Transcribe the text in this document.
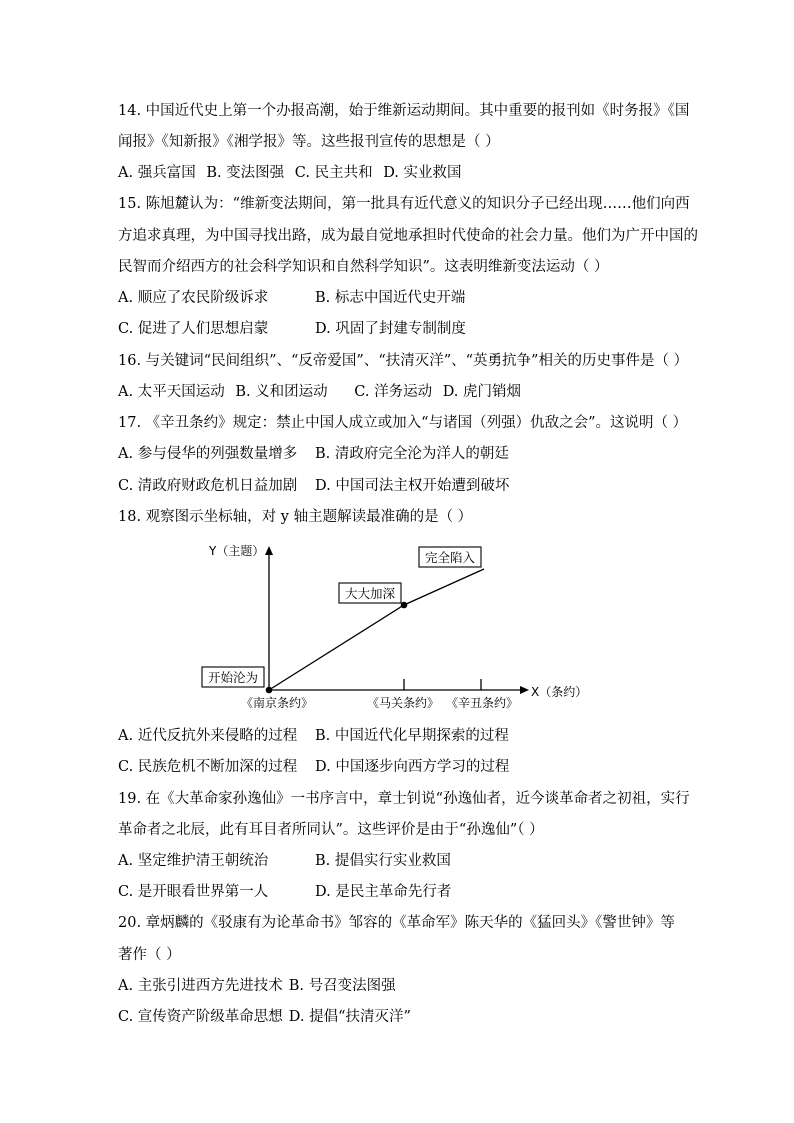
14. 中国近代史上第一个办报高潮，始于维新运动期间。其中重要的报刊如《时务报》《国
闻报》《知新报》《湘学报》等。这些报刊宣传的思想是（ ）
A. 强兵富国 B. 变法图强 C. 民主共和 D. 实业救国
15. 陈旭麓认为：“维新变法期间，第一批具有近代意义的知识分子已经出现……他们向西
方追求真理，为中国寻找出路，成为最自觉地承担时代使命的社会力量。他们为广开中国的
民智而介绍西方的社会科学知识和自然科学知识”。这表明维新变法运动（ ）
A. 顺应了农民阶级诉求	B. 标志中国近代史开端
C. 促进了人们思想启蒙	D. 巩固了封建专制制度
16. 与关键词“民间组织”、“反帝爱国”、“扶清灭洋”、“英勇抗争”相关的历史事件是（ ）
A. 太平天国运动 B. 义和团运动 C. 洋务运动 D. 虎门销烟
17. 《辛丑条约》规定：禁止中国人成立或加入“与诸国（列强）仇敌之会”。这说明（ ）
A. 参与侵华的列强数量增多 B. 清政府完全沦为洋人的朝廷
C. 清政府财政危机日益加剧 D. 中国司法主权开始遭到破坏
18. 观察图示坐标轴，对 y 轴主题解读最准确的是（ ）
Y（主题）
X（条约）
《南京条约》	《马关条约》 《辛丑条约》
开始沦为
大大加深
完全陷入
A. 近代反抗外来侵略的过程 B. 中国近代化早期探索的过程
C. 民族危机不断加深的过程 D. 中国逐步向西方学习的过程
19. 在《大革命家孙逸仙》一书序言中，章士钊说“孙逸仙者，近今谈革命者之初祖，实行
革命者之北辰，此有耳目者所同认”。这些评价是由于“孙逸仙”（ ）
A. 坚定维护清王朝统治	B. 提倡实行实业救国
C. 是开眼看世界第一人	D. 是民主革命先行者
20. 章炳麟的《驳康有为论革命书》邹容的《革命军》陈天华的《猛回头》《警世钟》等
著作（ ）
A. 主张引进西方先进技术 B. 号召变法图强
C. 宣传资产阶级革命思想 D. 提倡“扶清灭洋”
